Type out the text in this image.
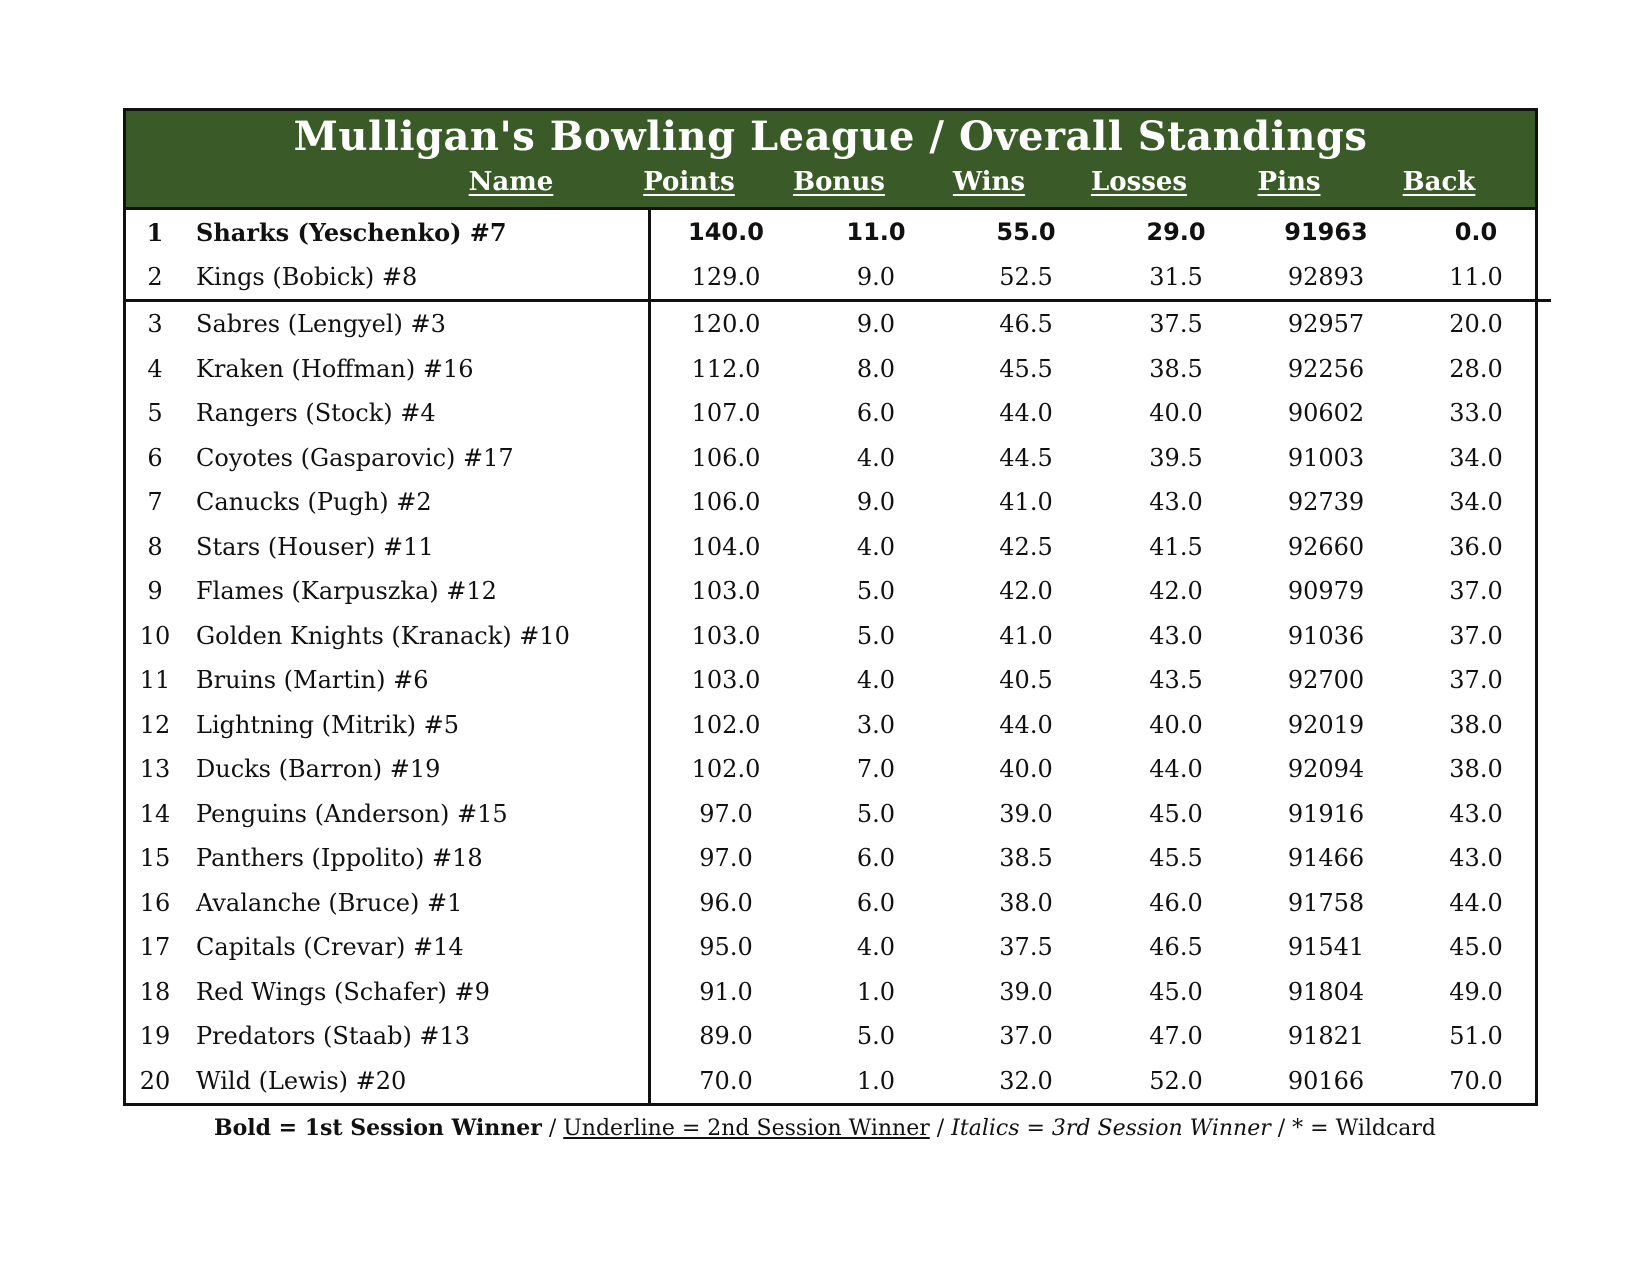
Mulligan's Bowling League / Overall Standings
Name	Points	Bonus	Wins	Losses	Pins	Back
1	Sharks (Yeschenko) #7	140.0	11.0	55.0	29.0	91963	0.0
2	Kings (Bobick) #8	129.0	9.0	52.5	31.5	92893	11.0
3	Sabres (Lengyel) #3	120.0	9.0	46.5	37.5	92957	20.0
4	Kraken (Hoffman) #16	112.0	8.0	45.5	38.5	92256	28.0
5	Rangers (Stock) #4	107.0	6.0	44.0	40.0	90602	33.0
6	Coyotes (Gasparovic) #17	106.0	4.0	44.5	39.5	91003	34.0
7	Canucks (Pugh) #2	106.0	9.0	41.0	43.0	92739	34.0
8	Stars (Houser) #11	104.0	4.0	42.5	41.5	92660	36.0
9	Flames (Karpuszka) #12	103.0	5.0	42.0	42.0	90979	37.0
10	Golden Knights (Kranack) #10	103.0	5.0	41.0	43.0	91036	37.0
11	Bruins (Martin) #6	103.0	4.0	40.5	43.5	92700	37.0
12	Lightning (Mitrik) #5	102.0	3.0	44.0	40.0	92019	38.0
13	Ducks (Barron) #19	102.0	7.0	40.0	44.0	92094	38.0
14	Penguins (Anderson) #15	97.0	5.0	39.0	45.0	91916	43.0
15	Panthers (Ippolito) #18	97.0	6.0	38.5	45.5	91466	43.0
16	Avalanche (Bruce) #1	96.0	6.0	38.0	46.0	91758	44.0
17	Capitals (Crevar) #14	95.0	4.0	37.5	46.5	91541	45.0
18	Red Wings (Schafer) #9	91.0	1.0	39.0	45.0	91804	49.0
19	Predators (Staab) #13	89.0	5.0	37.0	47.0	91821	51.0
20	Wild (Lewis) #20	70.0	1.0	32.0	52.0	90166	70.0
Bold = 1st Session Winner / Underline = 2nd Session Winner / Italics = 3rd Session Winner / * = Wildcard
